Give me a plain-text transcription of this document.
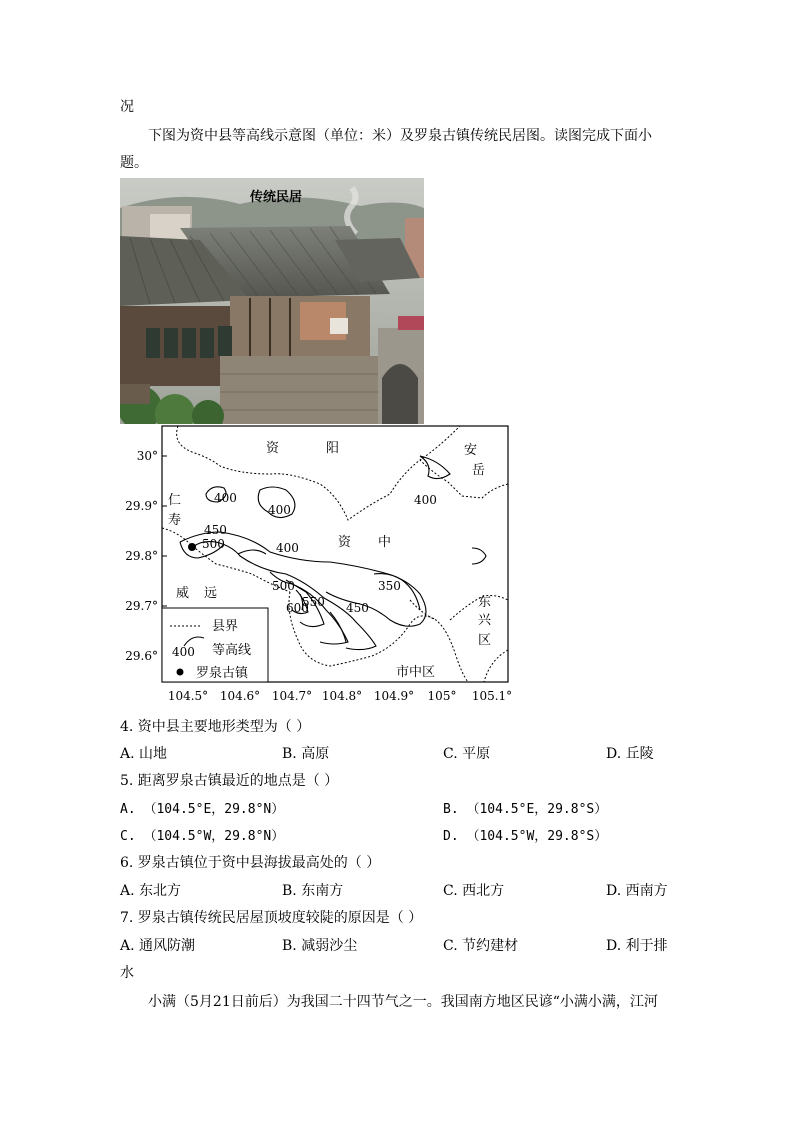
况
下图为资中县等高线示意图（单位：米）及罗泉古镇传统民居图。读图完成下面小
题。
传统民居
资	阳	安
岳
仁
寿
资 中
威 远
东
兴
区
市中区
400
400
400
450
500	400
350
500
550
600	450
30°
29.9°
29.8°
29.7°
29.6°
104.5° 104.6° 104.7° 104.8° 104.9° 105° 105.1°
县界
400 等高线
罗泉古镇
4. 资中县主要地形类型为（ ）
A. 山地	B. 高原	C. 平原	D. 丘陵
5. 距离罗泉古镇最近的地点是（ ）
A. （104.5°E，29.8°N）	B. （104.5°E，29.8°S）
C. （104.5°W，29.8°N）	D. （104.5°W，29.8°S）
6. 罗泉古镇位于资中县海拔最高处的（ ）
A. 东北方	B. 东南方	C. 西北方	D. 西南方
7. 罗泉古镇传统民居屋顶坡度较陡的原因是（ ）
A. 通风防潮	B. 减弱沙尘	C. 节约建材	D. 利于排
水
小满（5月21日前后）为我国二十四节气之一。我国南方地区民谚“小满小满，江河
